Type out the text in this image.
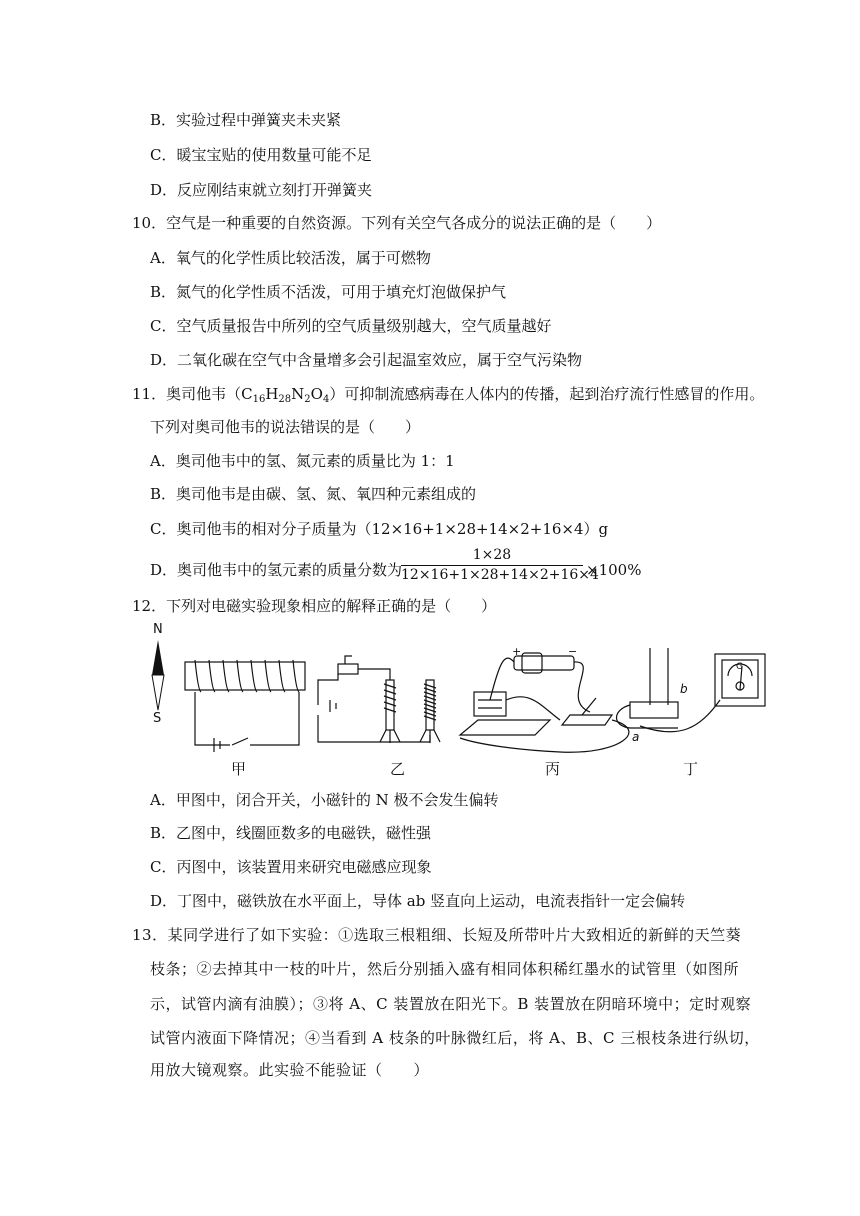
B．实验过程中弹簧夹未夹紧
C．暖宝宝贴的使用数量可能不足
D．反应刚结束就立刻打开弹簧夹
10．空气是一种重要的自然资源。下列有关空气各成分的说法正确的是（　　）
A．氧气的化学性质比较活泼，属于可燃物
B．氮气的化学性质不活泼，可用于填充灯泡做保护气
C．空气质量报告中所列的空气质量级别越大，空气质量越好
D．二氧化碳在空气中含量增多会引起温室效应，属于空气污染物
11．奥司他韦$(C_{16}H_{28}N_2O_4)$可抑制流感病毒在人体内的传播，起到治疗流行性感冒的作用。
下列对奥司他韦的说法错误的是（　　）
A．奥司他韦中的氢、氮元素的质量比为 1：1
B．奥司他韦是由碳、氢、氮、氧四种元素组成的
C．奥司他韦的相对分子质量为（12×16+1×28+14×2+16×4）g
D．奥司他韦中的氢元素的质量分数为
1×28
12×16+1×28+14×2+16×4
×100%
12．下列对电磁实验现象相应的解释正确的是（　　）
N
S
+	−
b
a
G
甲	乙	丙	丁
A．甲图中，闭合开关，小磁针的 N 极不会发生偏转
B．乙图中，线圈匝数多的电磁铁，磁性强
C．丙图中，该装置用来研究电磁感应现象
D．丁图中，磁铁放在水平面上，导体 ab 竖直向上运动，电流表指针一定会偏转
13．某同学进行了如下实验：①选取三根粗细、长短及所带叶片大致相近的新鲜的天竺葵
枝条；②去掉其中一枝的叶片，然后分别插入盛有相同体积稀红墨水的试管里（如图所
示，试管内滴有油膜）；③将 A、C 装置放在阳光下。B 装置放在阴暗环境中；定时观察
试管内液面下降情况；④当看到 A 枝条的叶脉微红后，将 A、B、C 三根枝条进行纵切，
用放大镜观察。此实验不能验证（　　）
